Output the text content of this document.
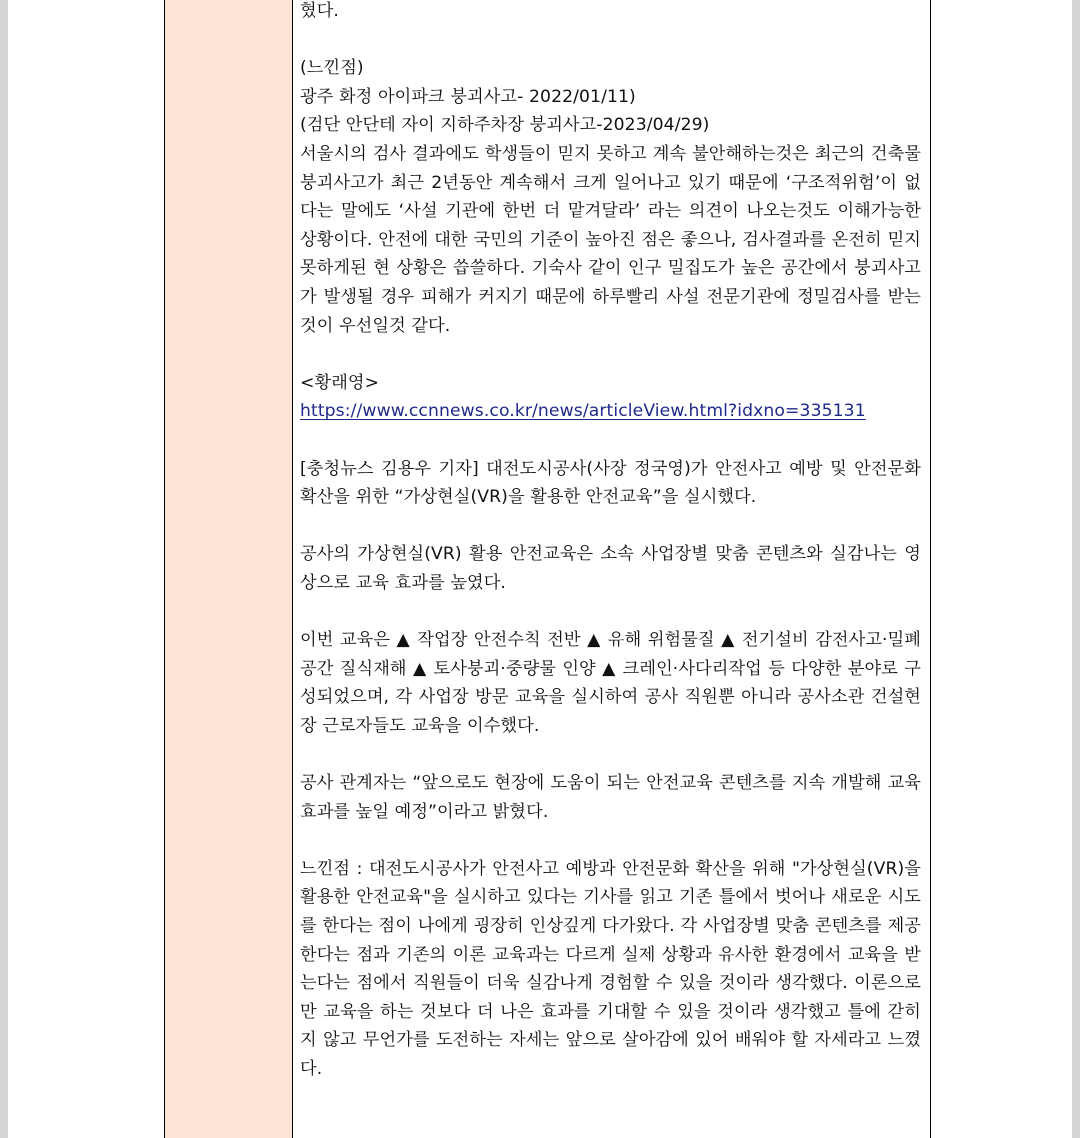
혔다.

(느낀점)

광주 화정 아이파크 붕괴사고- 2022/01/11)

(검단 안단테 자이 지하주차장 붕괴사고-2023/04/29)

서울시의 검사 결과에도 학생들이 믿지 못하고 계속 불안해하는것은 최근의 건축물 붕괴사고가 최근 2년동안 계속해서 크게 일어나고 있기 때문에 ‘구조적위험’이 없다는 말에도 ‘사설 기관에 한번 더 맡겨달라’ 라는 의견이 나오는것도 이해가능한 상황이다. 안전에 대한 국민의 기준이 높아진 점은 좋으나, 검사결과를 온전히 믿지 못하게된 현 상황은 씁쓸하다. 기숙사 같이 인구 밀집도가 높은 공간에서 붕괴사고가 발생될 경우 피해가 커지기 때문에 하루빨리 사설 전문기관에 정밀검사를 받는것이 우선일것 같다.

<황래영>

https://www.ccnnews.co.kr/news/articleView.html?idxno=335131

[충청뉴스 김용우 기자] 대전도시공사(사장 정국영)가 안전사고 예방 및 안전문화 확산을 위한 “가상현실(VR)을 활용한 안전교육”을 실시했다.

공사의 가상현실(VR) 활용 안전교육은 소속 사업장별 맞춤 콘텐츠와 실감나는 영상으로 교육 효과를 높였다.

이번 교육은 ▲ 작업장 안전수칙 전반 ▲ 유해 위험물질 ▲ 전기설비 감전사고·밀폐공간 질식재해 ▲ 토사붕괴·중량물 인양 ▲ 크레인·사다리작업 등 다양한 분야로 구성되었으며, 각 사업장 방문 교육을 실시하여 공사 직원뿐 아니라 공사소관 건설현장 근로자들도 교육을 이수했다.

공사 관계자는 “앞으로도 현장에 도움이 되는 안전교육 콘텐츠를 지속 개발해 교육 효과를 높일 예정”이라고 밝혔다.

느낀점 : 대전도시공사가 안전사고 예방과 안전문화 확산을 위해 "가상현실(VR)을 활용한 안전교육"을 실시하고 있다는 기사를 읽고 기존 틀에서 벗어나 새로운 시도를 한다는 점이 나에게 굉장히 인상깊게 다가왔다. 각 사업장별 맞춤 콘텐츠를 제공한다는 점과 기존의 이론 교육과는 다르게 실제 상황과 유사한 환경에서 교육을 받는다는 점에서 직원들이 더욱 실감나게 경험할 수 있을 것이라 생각했다. 이론으로만 교육을 하는 것보다 더 나은 효과를 기대할 수 있을 것이라 생각했고 틀에 갇히지 않고 무언가를 도전하는 자세는 앞으로 살아감에 있어 배워야 할 자세라고 느꼈다.
